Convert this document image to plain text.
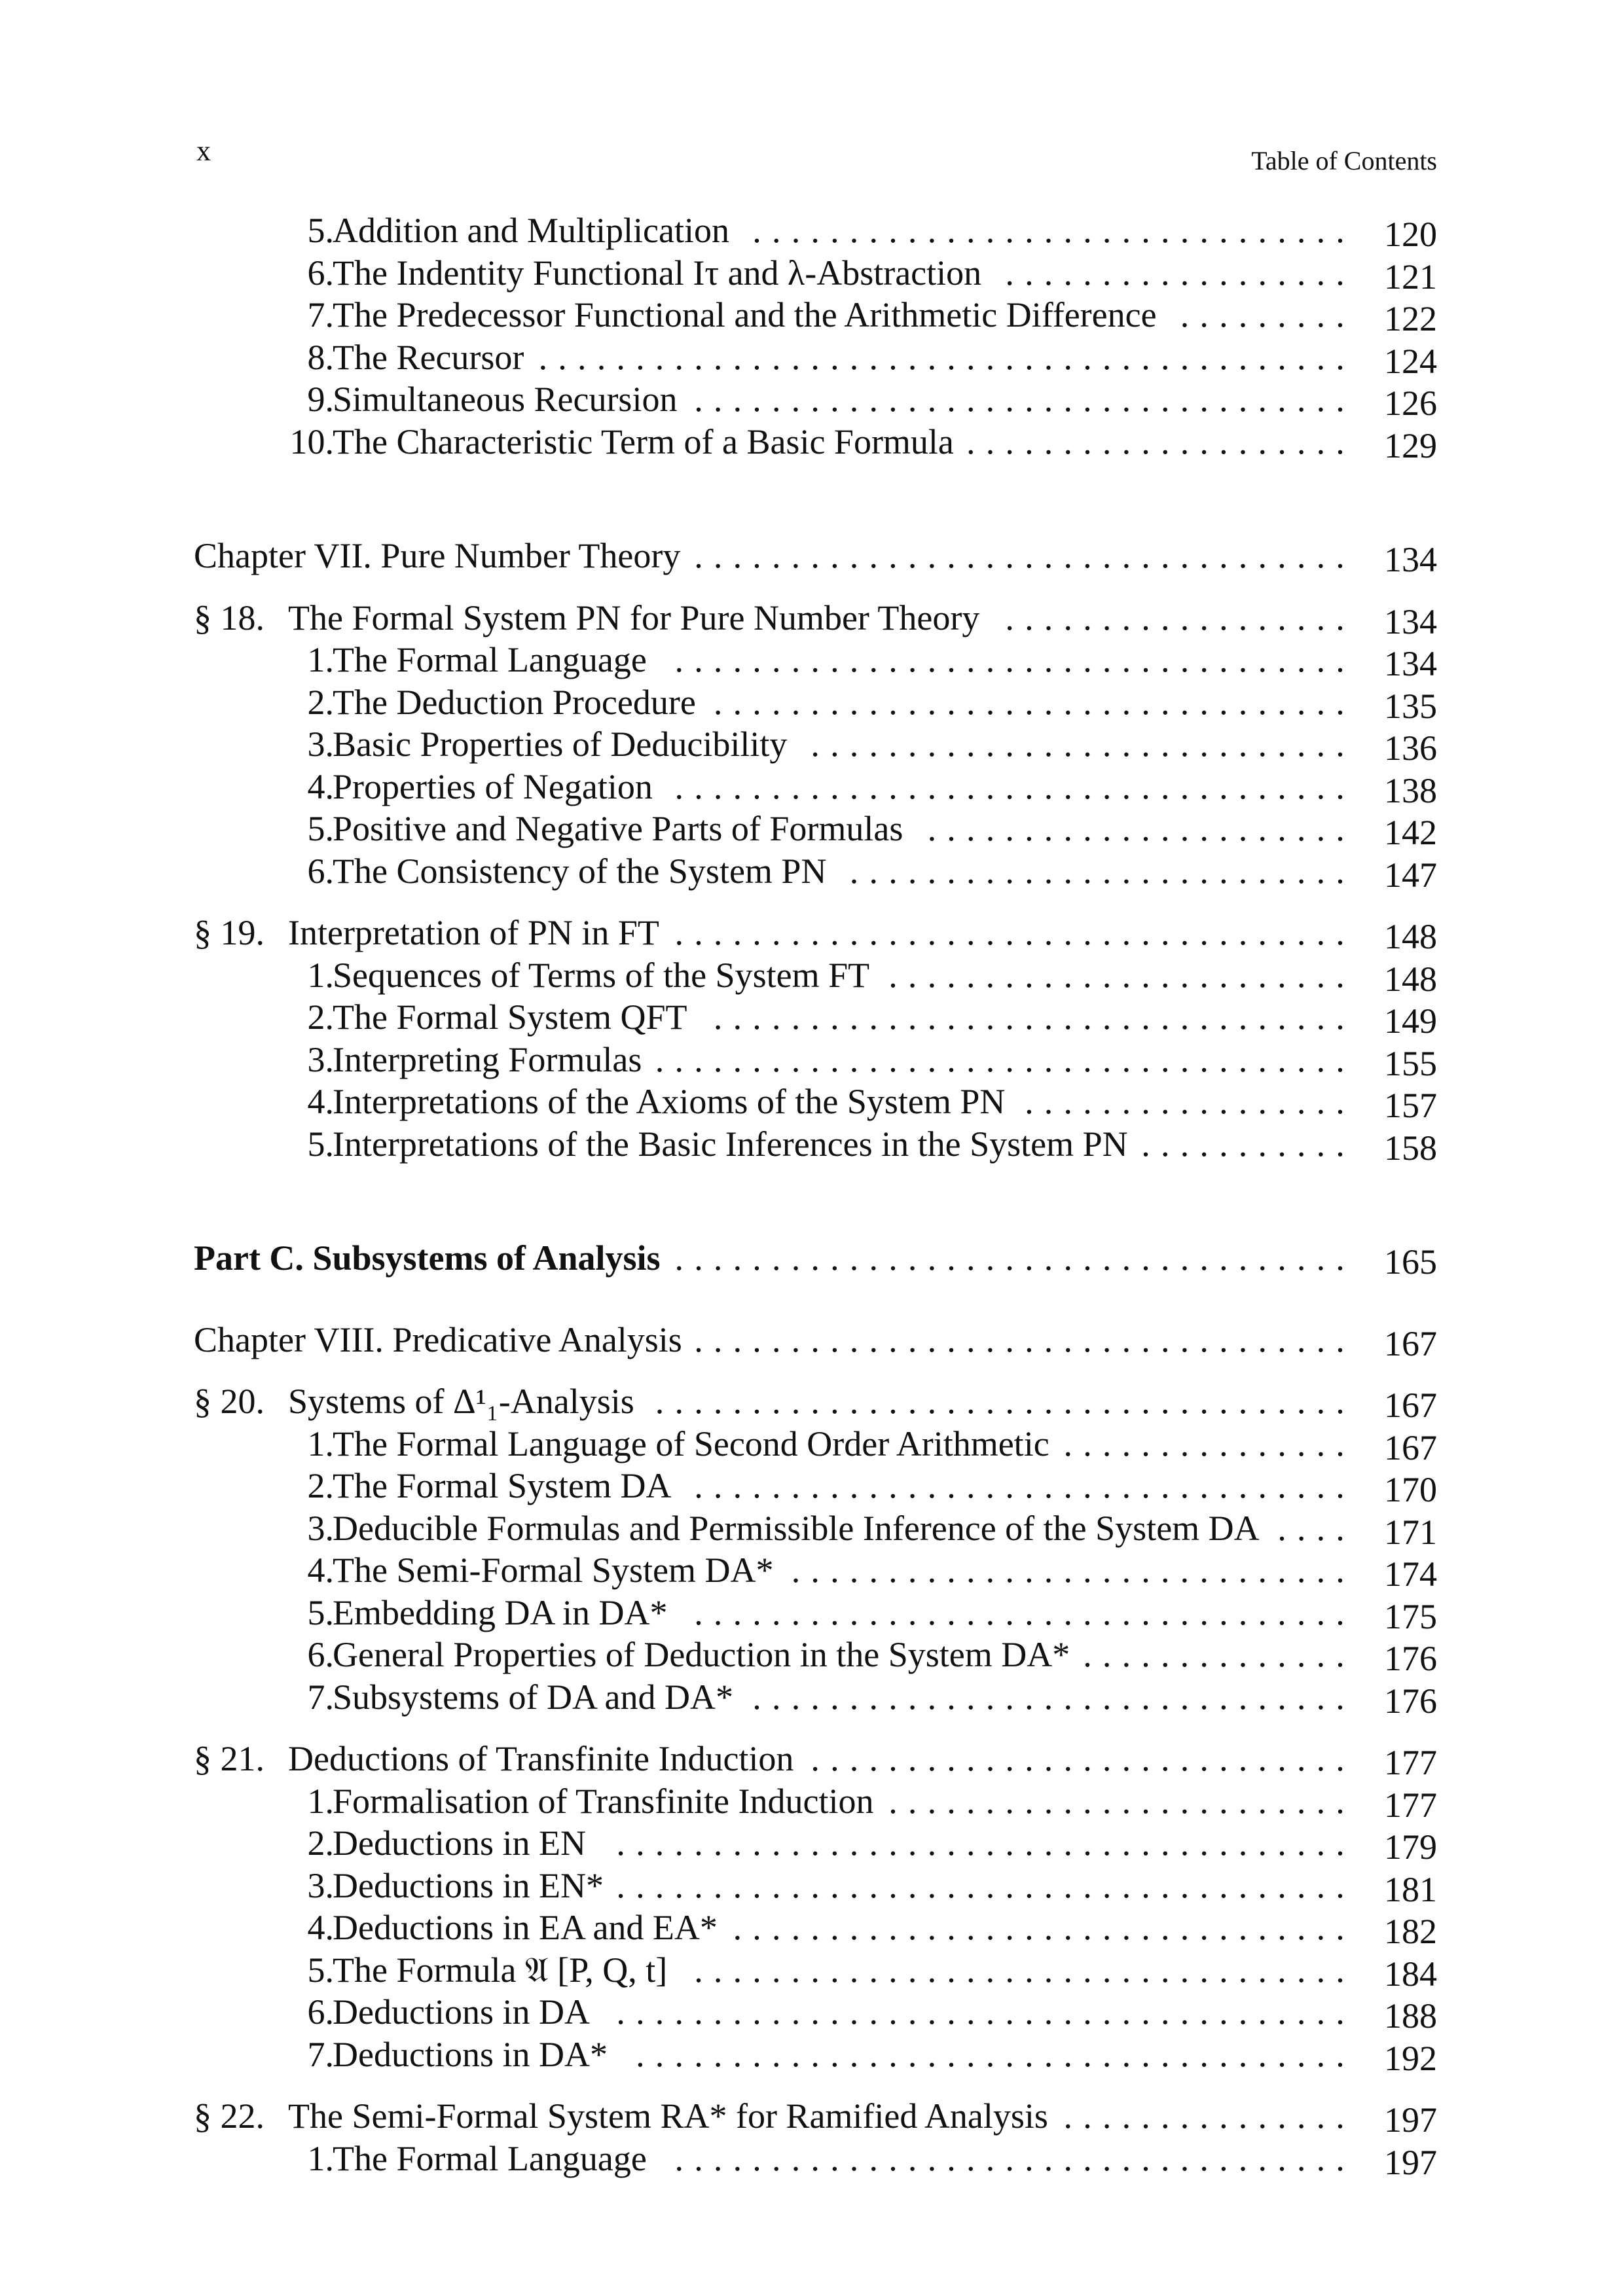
x	Table of Contents
5.
Addition and Multiplication ............................... 120
6.
The Indentity Functional Iτ and λ-Abstraction .................. 121
7.
The Predecessor Functional and the Arithmetic Difference ......... 122
8.
The Recursor .......................................... 124
9.
Simultaneous Recursion .................................. 126
10.
The Characteristic Term of a Basic Formula .................... 129
Chapter VII. Pure Number Theory .................................. 134
§ 18. The Formal System PN for Pure Number Theory .................. 134
1.
The Formal Language ................................... 134
2.
The Deduction Procedure ................................. 135
3.
Basic Properties of Deducibility ............................ 136
4.
Properties of Negation ................................... 138
5.
Positive and Negative Parts of Formulas ...................... 142
6.
The Consistency of the System PN .......................... 147
§ 19. Interpretation of PN in FT ................................... 148
1.
Sequences of Terms of the System FT ........................ 148
2.
The Formal System QFT ................................. 149
3.
Interpreting Formulas .................................... 155
4.
Interpretations of the Axioms of the System PN ................. 157
5.
Interpretations of the Basic Inferences in the System PN ........... 158
Part C. Subsystems of Analysis ................................... 165
Chapter VIII. Predicative Analysis .................................. 167
§ 20. Systems of Δ¹₁-Analysis .................................... 167
1.
The Formal Language of Second Order Arithmetic ............... 167
2.
The Formal System DA .................................. 170
3.
Deducible Formulas and Permissible Inference of the System DA .... 171
4.
The Semi-Formal System DA* ............................. 174
5.
Embedding DA in DA* .................................. 175
6.
General Properties of Deduction in the System DA* .............. 176
7.
Subsystems of DA and DA* ............................... 176
§ 21. Deductions of Transfinite Induction ............................ 177
1.
Formalisation of Transfinite Induction ........................ 177
2.
Deductions in EN ...................................... 179
3.
Deductions in EN* ...................................... 181
4.
Deductions in EA and EA* ................................ 182
5.
The Formula 𝔄 [P, Q, t] .................................. 184
6.
Deductions in DA ...................................... 188
7.
Deductions in DA* ..................................... 192
§ 22. The Semi-Formal System RA* for Ramified Analysis ............... 197
1.
The Formal Language ................................... 197
